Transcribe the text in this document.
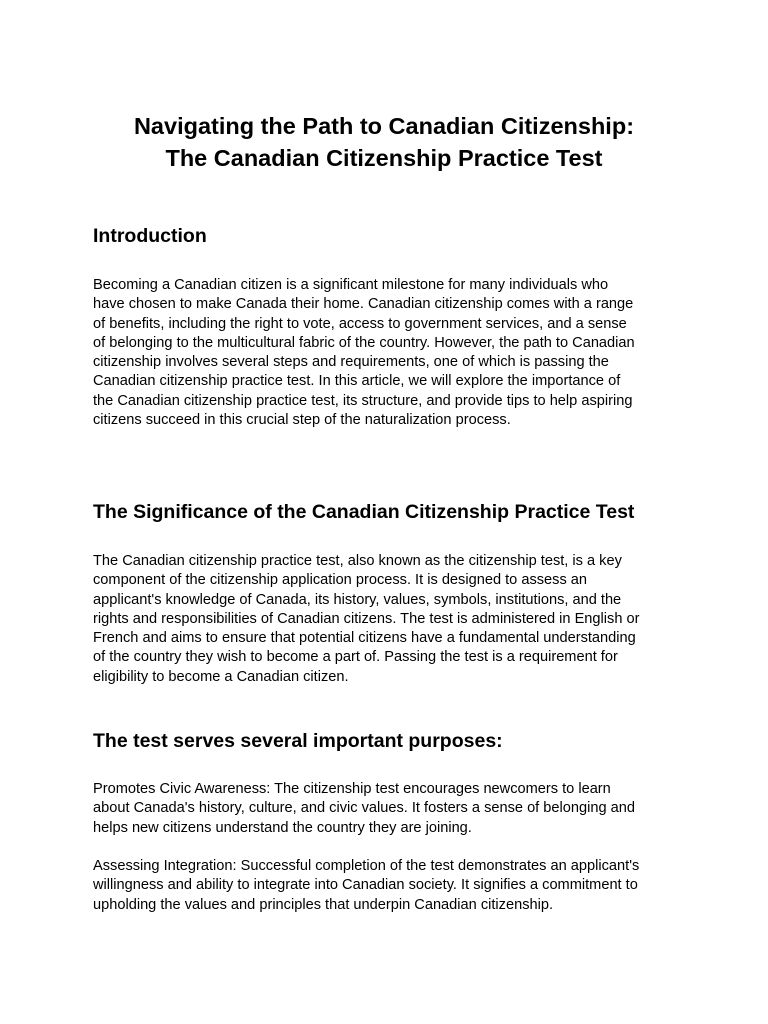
Navigating the Path to Canadian Citizenship:
The Canadian Citizenship Practice Test
Introduction

Becoming a Canadian citizen is a significant milestone for many individuals who
have chosen to make Canada their home. Canadian citizenship comes with a range
of benefits, including the right to vote, access to government services, and a sense
of belonging to the multicultural fabric of the country. However, the path to Canadian
citizenship involves several steps and requirements, one of which is passing the
Canadian citizenship practice test. In this article, we will explore the importance of
the Canadian citizenship practice test, its structure, and provide tips to help aspiring
citizens succeed in this crucial step of the naturalization process.

The Significance of the Canadian Citizenship Practice Test

The Canadian citizenship practice test, also known as the citizenship test, is a key
component of the citizenship application process. It is designed to assess an
applicant's knowledge of Canada, its history, values, symbols, institutions, and the
rights and responsibilities of Canadian citizens. The test is administered in English or
French and aims to ensure that potential citizens have a fundamental understanding
of the country they wish to become a part of. Passing the test is a requirement for
eligibility to become a Canadian citizen.

The test serves several important purposes:

Promotes Civic Awareness: The citizenship test encourages newcomers to learn
about Canada's history, culture, and civic values. It fosters a sense of belonging and
helps new citizens understand the country they are joining.

Assessing Integration: Successful completion of the test demonstrates an applicant's
willingness and ability to integrate into Canadian society. It signifies a commitment to
upholding the values and principles that underpin Canadian citizenship.
